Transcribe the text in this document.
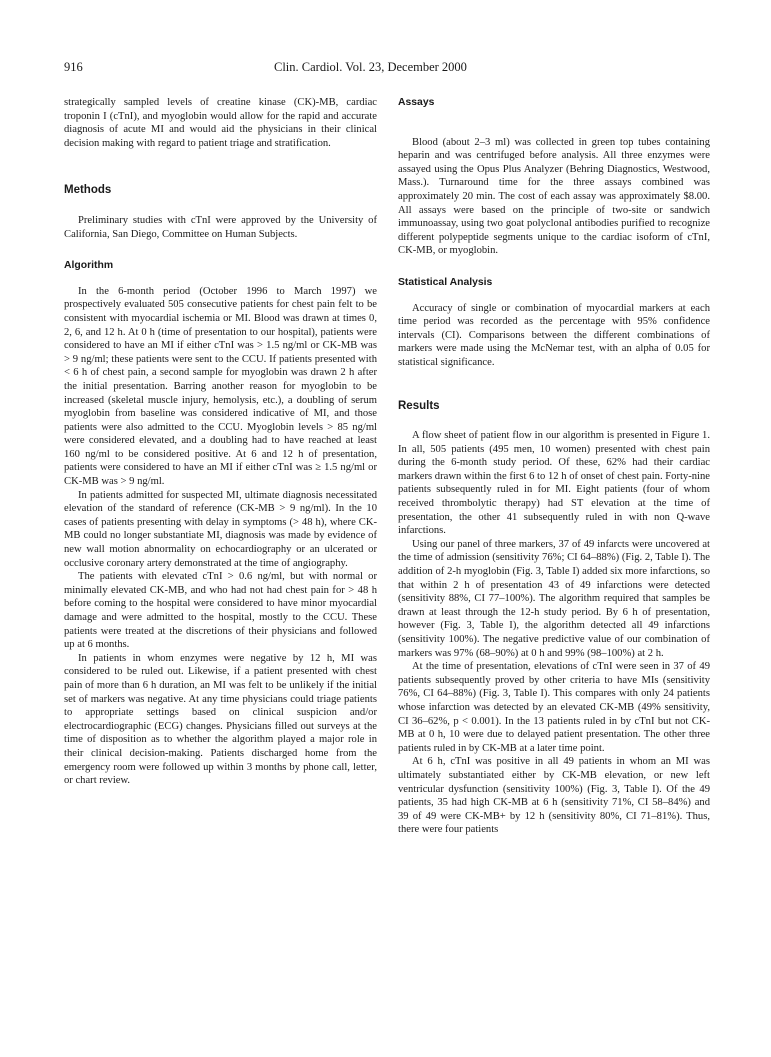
916	Clin. Cardiol. Vol. 23, December 2000

strategically sampled levels of creatine kinase (CK)-MB, cardiac troponin I (cTnI), and myoglobin would allow for the rapid and accurate diagnosis of acute MI and would aid the physicians in their clinical decision making with regard to patient triage and stratification.

Methods

Preliminary studies with cTnI were approved by the University of California, San Diego, Committee on Human Subjects.

Algorithm

In the 6-month period (October 1996 to March 1997) we prospectively evaluated 505 consecutive patients for chest pain felt to be consistent with myocardial ischemia or MI. Blood was drawn at times 0, 2, 6, and 12 h. At 0 h (time of presentation to our hospital), patients were considered to have an MI if either cTnI was > 1.5 ng/ml or CK-MB was > 9 ng/ml; these patients were sent to the CCU. If patients presented with < 6 h of chest pain, a second sample for myoglobin was drawn 2 h after the initial presentation. Barring another reason for myoglobin to be increased (skeletal muscle injury, hemolysis, etc.), a doubling of serum myoglobin from baseline was considered indicative of MI, and those patients were also admitted to the CCU. Myoglobin levels > 85 ng/ml were considered elevated, and a doubling had to have reached at least 160 ng/ml to be considered positive. At 6 and 12 h of presentation, patients were considered to have an MI if either cTnI was ≥ 1.5 ng/ml or CK-MB was > 9 ng/ml.

In patients admitted for suspected MI, ultimate diagnosis necessitated elevation of the standard of reference (CK-MB > 9 ng/ml). In the 10 cases of patients presenting with delay in symptoms (> 48 h), where CK-MB could no longer substantiate MI, diagnosis was made by evidence of new wall motion abnormality on echocardiography or an ulcerated or occlusive coronary artery demonstrated at the time of angiography.

The patients with elevated cTnI > 0.6 ng/ml, but with normal or minimally elevated CK-MB, and who had not had chest pain for > 48 h before coming to the hospital were considered to have minor myocardial damage and were admitted to the hospital, mostly to the CCU. These patients were treated at the discretions of their physicians and followed up at 6 months.

In patients in whom enzymes were negative by 12 h, MI was considered to be ruled out. Likewise, if a patient presented with chest pain of more than 6 h duration, an MI was felt to be unlikely if the initial set of markers was negative. At any time physicians could triage patients to appropriate settings based on clinical suspicion and/or electrocardiographic (ECG) changes. Physicians filled out surveys at the time of disposition as to whether the algorithm played a major role in their clinical decision-making. Patients discharged home from the emergency room were followed up within 3 months by phone call, letter, or chart review.

Assays

Blood (about 2–3 ml) was collected in green top tubes containing heparin and was centrifuged before analysis. All three enzymes were assayed using the Opus Plus Analyzer (Behring Diagnostics, Westwood, Mass.). Turnaround time for the three assays combined was approximately 20 min. The cost of each assay was approximately $8.00. All assays were based on the principle of two-site or sandwich immunoassay, using two goat polyclonal antibodies purified to recognize different polypeptide segments unique to the cardiac isoform of cTnI, CK-MB, or myoglobin.

Statistical Analysis

Accuracy of single or combination of myocardial markers at each time period was recorded as the percentage with 95% confidence intervals (CI). Comparisons between the different combinations of markers were made using the McNemar test, with an alpha of 0.05 for statistical significance.

Results

A flow sheet of patient flow in our algorithm is presented in Figure 1. In all, 505 patients (495 men, 10 women) presented with chest pain during the 6-month study period. Of these, 62% had their cardiac markers drawn within the first 6 to 12 h of onset of chest pain. Forty-nine patients subsequently ruled in for MI. Eight patients (four of whom received thrombolytic therapy) had ST elevation at the time of presentation, the other 41 subsequently ruled in with non Q-wave infarctions.

Using our panel of three markers, 37 of 49 infarcts were uncovered at the time of admission (sensitivity 76%; CI 64–88%) (Fig. 2, Table I). The addition of 2-h myoglobin (Fig. 3, Table I) added six more infarctions, so that within 2 h of presentation 43 of 49 infarctions were detected (sensitivity 88%, CI 77–100%). The algorithm required that samples be drawn at least through the 12-h study period. By 6 h of presentation, however (Fig. 3, Table I), the algorithm detected all 49 infarctions (sensitivity 100%). The negative predictive value of our combination of markers was 97% (68–90%) at 0 h and 99% (98–100%) at 2 h.

At the time of presentation, elevations of cTnI were seen in 37 of 49 patients subsequently proved by other criteria to have MIs (sensitivity 76%, CI 64–88%) (Fig. 3, Table I). This compares with only 24 patients whose infarction was detected by an elevated CK-MB (49% sensitivity, CI 36–62%, p < 0.001). In the 13 patients ruled in by cTnI but not CK-MB at 0 h, 10 were due to delayed patient presentation. The other three patients ruled in by CK-MB at a later time point.

At 6 h, cTnI was positive in all 49 patients in whom an MI was ultimately substantiated either by CK-MB elevation, or new left ventricular dysfunction (sensitivity 100%) (Fig. 3, Table I). Of the 49 patients, 35 had high CK-MB at 6 h (sensitivity 71%, CI 58–84%) and 39 of 49 were CK-MB+ by 12 h (sensitivity 80%, CI 71–81%). Thus, there were four patients
